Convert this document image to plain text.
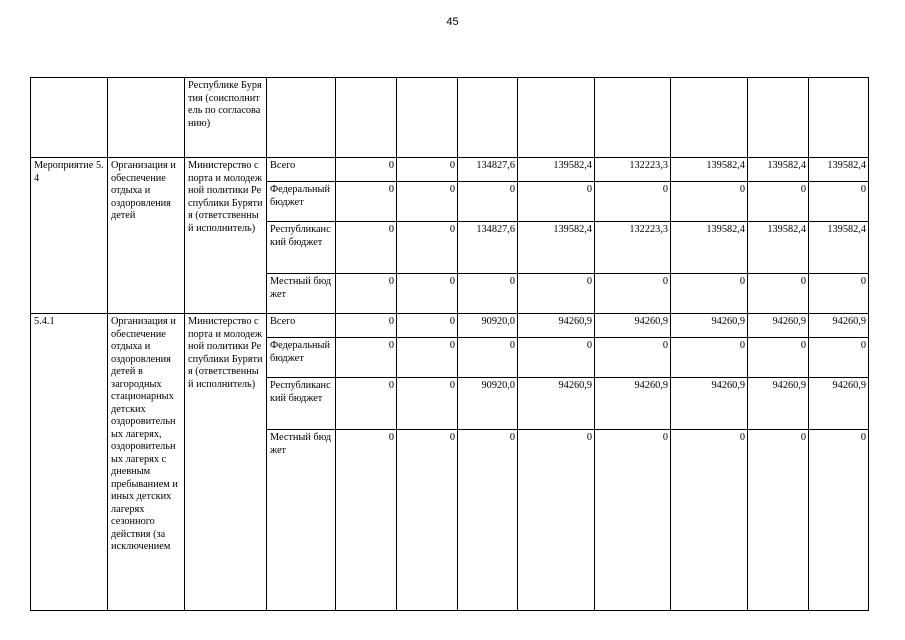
45
		Республике Бурятия (соисполнитель по согласованию)									
Мероприятие 5.4	Организация и обеспечение отдыха и оздоровления детей	Министерство спорта и молодежной политики Республики Бурятия (ответственный исполнитель)	Всего	0	0	134827,6	139582,4	132223,3	139582,4	139582,4	139582,4
			Федеральный бюджет	0	0	0	0	0	0	0	0
			Республиканский бюджет	0	0	134827,6	139582,4	132223,3	139582,4	139582,4	139582,4
			Местный бюджет	0	0	0	0	0	0	0	0
5.4.1	Организация и обеспечение отдыха и оздоровления детей в загородных стационарных детских оздоровительных лагерях, оздоровительных лагерях с дневным пребыванием и иных детских лагерях сезонного действия (за исключением	Министерство спорта и молодежной политики Республики Бурятия (ответственный исполнитель)	Всего	0	0	90920,0	94260,9	94260,9	94260,9	94260,9	94260,9
			Федеральный бюджет	0	0	0	0	0	0	0	0
			Республиканский бюджет	0	0	90920,0	94260,9	94260,9	94260,9	94260,9	94260,9
			Местный бюджет	0	0	0	0	0	0	0	0
